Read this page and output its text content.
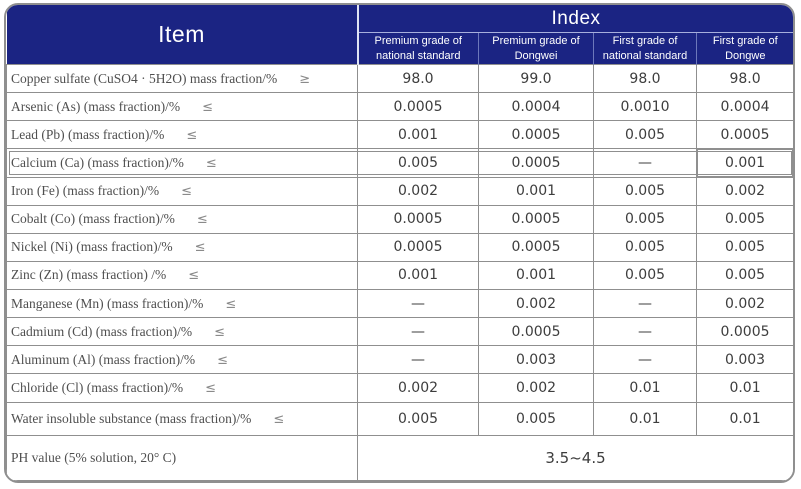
Item	Index			
	Premium grade of national standard	Premium grade of Dongwei	First grade of national standard	First grade of Dongwe
Copper sulfate (CuSO4 · 5H2O) mass fraction/% ≥	98.0	99.0	98.0	98.0
Arsenic (As) (mass fraction)/% ≤	0.0005	0.0004	0.0010	0.0004
Lead (Pb) (mass fraction)/% ≤	0.001	0.0005	0.005	0.0005
Calcium (Ca) (mass fraction)/% ≤	0.005	0.0005	—	0.001
Iron (Fe) (mass fraction)/% ≤	0.002	0.001	0.005	0.002
Cobalt (Co) (mass fraction)/% ≤	0.0005	0.0005	0.005	0.005
Nickel (Ni) (mass fraction)/% ≤	0.0005	0.0005	0.005	0.005
Zinc (Zn) (mass fraction) /% ≤	0.001	0.001	0.005	0.005
Manganese (Mn) (mass fraction)/% ≤	—	0.002	—	0.002
Cadmium (Cd) (mass fraction)/% ≤	—	0.0005	—	0.0005
Aluminum (Al) (mass fraction)/% ≤	—	0.003	—	0.003
Chloride (Cl) (mass fraction)/% ≤	0.002	0.002	0.01	0.01
Water insoluble substance (mass fraction)/% ≤	0.005	0.005	0.01	0.01
PH value (5% solution, 20° C)	3.5~4.5			
